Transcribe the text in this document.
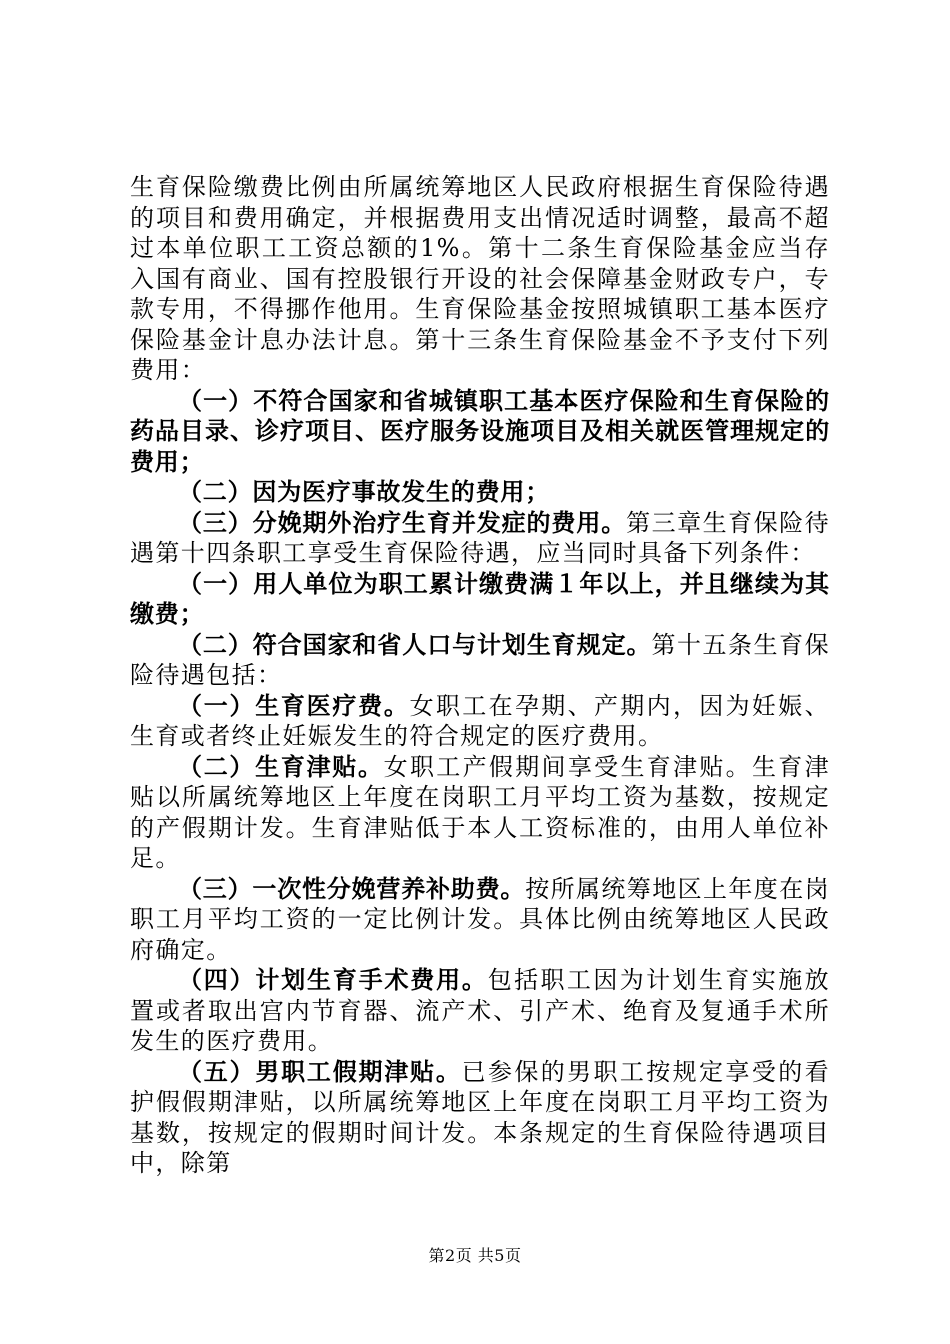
生育保险缴费比例由所属统筹地区人民政府根据生育保险待遇的项目和费用确定，并根据费用支出情况适时调整，最高不超过本单位职工工资总额的1%。第十二条生育保险基金应当存入国有商业、国有控股银行开设的社会保障基金财政专户，专款专用，不得挪作他用。生育保险基金按照城镇职工基本医疗保险基金计息办法计息。第十三条生育保险基金不予支付下列费用：

（一）不符合国家和省城镇职工基本医疗保险和生育保险的药品目录、诊疗项目、医疗服务设施项目及相关就医管理规定的费用；

（二）因为医疗事故发生的费用；

（三）分娩期外治疗生育并发症的费用。第三章生育保险待遇第十四条职工享受生育保险待遇，应当同时具备下列条件：

（一）用人单位为职工累计缴费满１年以上，并且继续为其缴费；

（二）符合国家和省人口与计划生育规定。第十五条生育保险待遇包括：

（一）生育医疗费。女职工在孕期、产期内，因为妊娠、生育或者终止妊娠发生的符合规定的医疗费用。

（二）生育津贴。女职工产假期间享受生育津贴。生育津贴以所属统筹地区上年度在岗职工月平均工资为基数，按规定的产假期计发。生育津贴低于本人工资标准的，由用人单位补足。

（三）一次性分娩营养补助费。按所属统筹地区上年度在岗职工月平均工资的一定比例计发。具体比例由统筹地区人民政府确定。

（四）计划生育手术费用。包括职工因为计划生育实施放置或者取出宫内节育器、流产术、引产术、绝育及复通手术所发生的医疗费用。

（五）男职工假期津贴。已参保的男职工按规定享受的看护假假期津贴，以所属统筹地区上年度在岗职工月平均工资为基数，按规定的假期时间计发。本条规定的生育保险待遇项目中，除第

第2页 共5页
